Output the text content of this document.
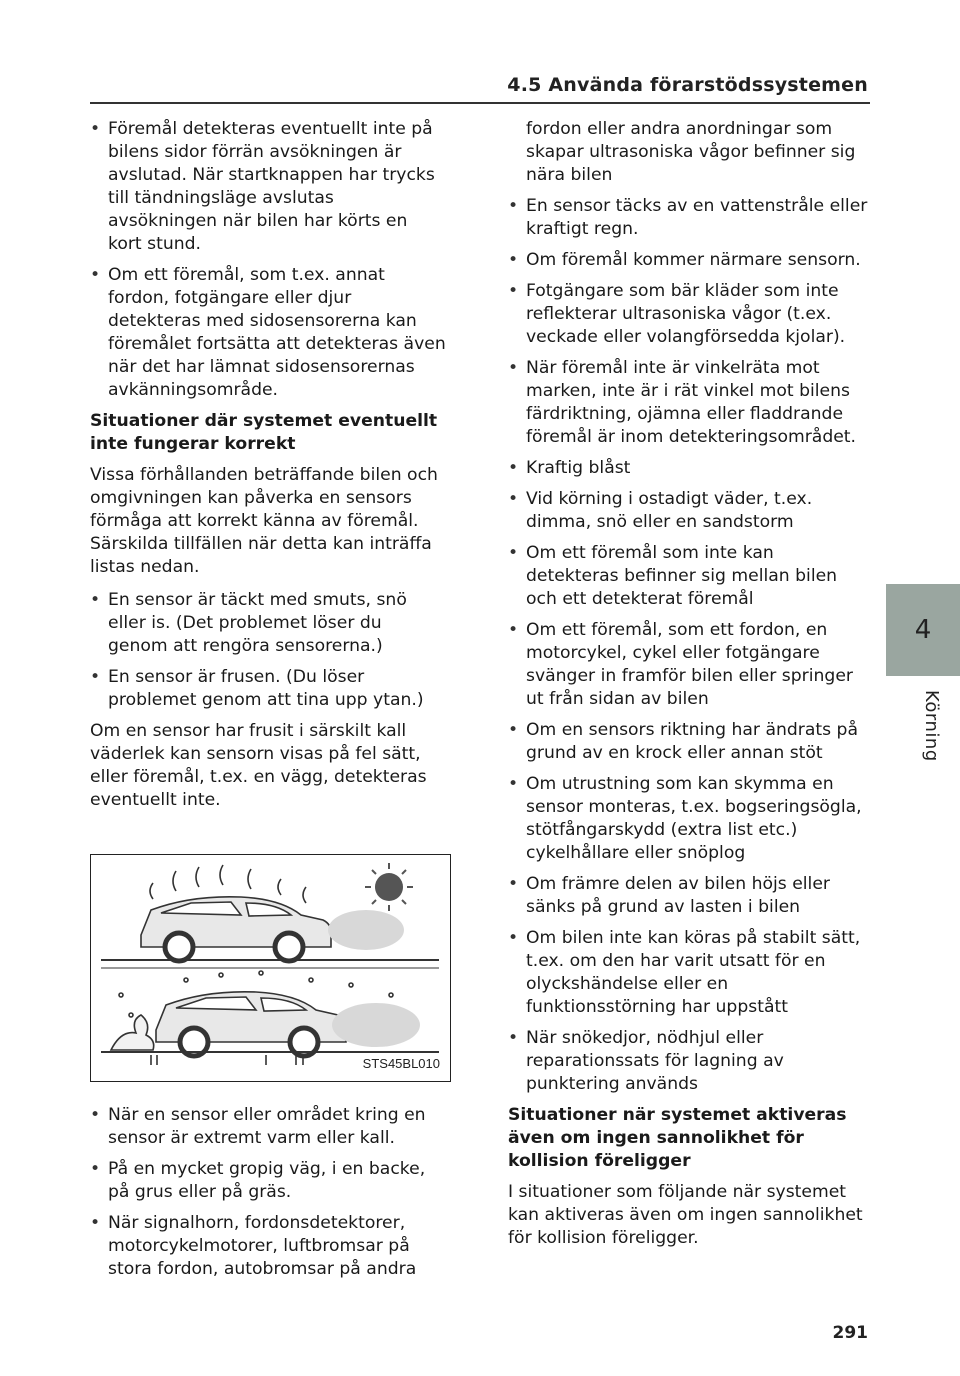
4.5 Använda förarstödssystemen
• Föremål detekteras eventuellt inte på bilens sidor förrän avsökningen är avslutad. När startknappen har trycks till tändningsläge avslutas avsökningen när bilen har körts en kort stund.
• Om ett föremål, som t.ex. annat fordon, fotgängare eller djur detekteras med sidosensorerna kan föremålet fortsätta att detekteras även när det har lämnat sidosensorernas avkänningsområde.
Situationer där systemet eventuellt inte fungerar korrekt

Vissa förhållanden beträffande bilen och omgivningen kan påverka en sensors förmåga att korrekt känna av föremål. Särskilda tillfällen när detta kan inträffa listas nedan.

• En sensor är täckt med smuts, snö eller is. (Det problemet löser du genom att rengöra sensorerna.)
• En sensor är frusen. (Du löser problemet genom att tina upp ytan.)

Om en sensor har frusit i särskilt kall väderlek kan sensorn visas på fel sätt, eller föremål, t.ex. en vägg, detekteras eventuellt inte.

STS45BL010
• När en sensor eller området kring en sensor är extremt varm eller kall.
• På en mycket gropig väg, i en backe, på grus eller på gräs.
• När signalhorn, fordonsdetektorer, motorcykelmotorer, luftbromsar på stora fordon, autobromsar på andra
fordon eller andra anordningar som skapar ultrasoniska vågor befinner sig nära bilen
• En sensor täcks av en vattenstråle eller kraftigt regn.
• Om föremål kommer närmare sensorn.
• Fotgängare som bär kläder som inte reflekterar ultrasoniska vågor (t.ex. veckade eller volangförsedda kjolar).
• När föremål inte är vinkelräta mot marken, inte är i rät vinkel mot bilens färdriktning, ojämna eller fladdrande föremål är inom detekteringsområdet.
• Kraftig blåst
• Vid körning i ostadigt väder, t.ex. dimma, snö eller en sandstorm
• Om ett föremål som inte kan detekteras befinner sig mellan bilen och ett detekterat föremål
• Om ett föremål, som ett fordon, en motorcykel, cykel eller fotgängare svänger in framför bilen eller springer ut från sidan av bilen
• Om en sensors riktning har ändrats på grund av en krock eller annan stöt
• Om utrustning som kan skymma en sensor monteras, t.ex. bogseringsögla, stötfångarskydd (extra list etc.) cykelhållare eller snöplog
• Om främre delen av bilen höjs eller sänks på grund av lasten i bilen
• Om bilen inte kan köras på stabilt sätt, t.ex. om den har varit utsatt för en olyckshändelse eller en funktionsstörning har uppstått
• När snökedjor, nödhjul eller reparationssats för lagning av punktering används
Situationer när systemet aktiveras även om ingen sannolikhet för kollision föreligger

I situationer som följande när systemet kan aktiveras även om ingen sannolikhet för kollision föreligger.

4
Körning
291
